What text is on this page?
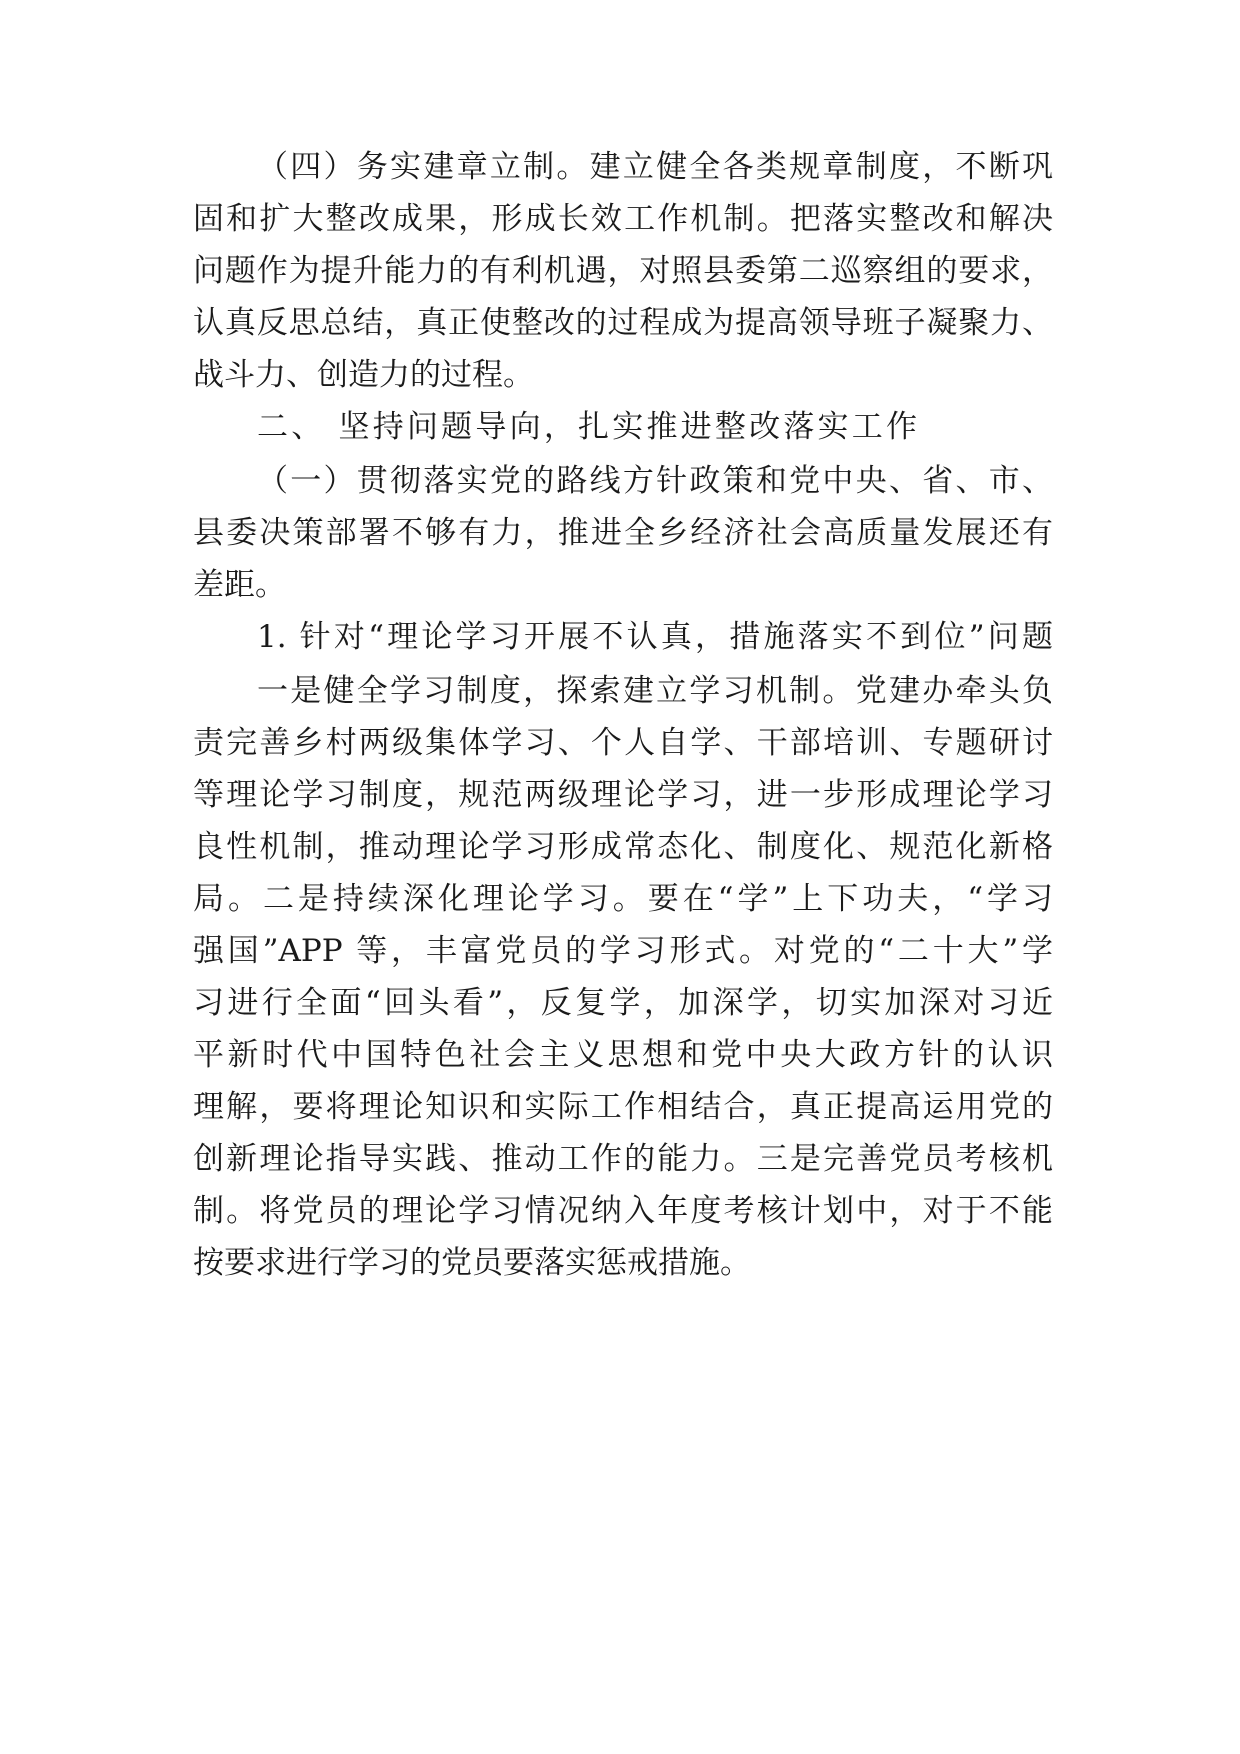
（四）务实建章立制。建立健全各类规章制度，不断巩
固和扩大整改成果，形成长效工作机制。把落实整改和解决
问题作为提升能力的有利机遇，对照县委第二巡察组的要求，
认真反思总结，真正使整改的过程成为提高领导班子凝聚力、
战斗力、创造力的过程。
二、 坚持问题导向，扎实推进整改落实工作
（一）贯彻落实党的路线方针政策和党中央、省、市、
县委决策部署不够有力，推进全乡经济社会高质量发展还有
差距。
1. 针对“理论学习开展不认真，措施落实不到位”问题
一是健全学习制度，探索建立学习机制。党建办牵头负
责完善乡村两级集体学习、个人自学、干部培训、专题研讨
等理论学习制度，规范两级理论学习，进一步形成理论学习
良性机制，推动理论学习形成常态化、制度化、规范化新格
局。二是持续深化理论学习。要在“学”上下功夫，“学习
强国”APP 等，丰富党员的学习形式。对党的“二十大”学
习进行全面“回头看”，反复学，加深学，切实加深对习近
平新时代中国特色社会主义思想和党中央大政方针的认识
理解，要将理论知识和实际工作相结合，真正提高运用党的
创新理论指导实践、推动工作的能力。三是完善党员考核机
制。将党员的理论学习情况纳入年度考核计划中，对于不能
按要求进行学习的党员要落实惩戒措施。
